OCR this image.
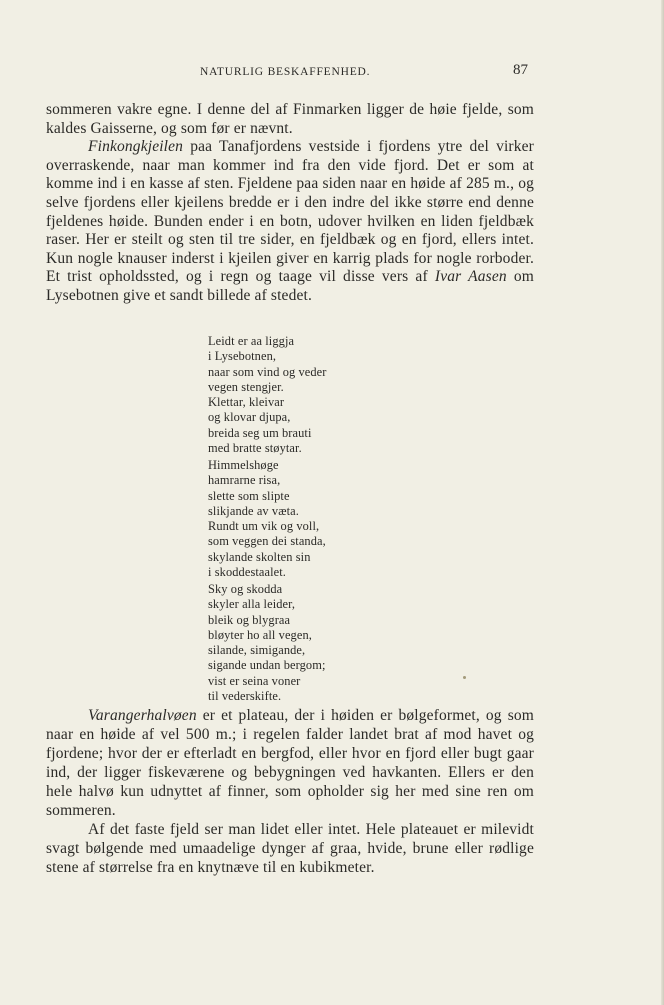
NATURLIG BESKAFFENHED.	87

sommeren vakre egne. I denne del af Finmarken ligger de høie fjelde, som kaldes Gaisserne, og som før er nævnt.

Finkongkjeilen paa Tanafjordens vestside i fjordens ytre del virker overraskende, naar man kommer ind fra den vide fjord. Det er som at komme ind i en kasse af sten. Fjeldene paa siden naar en høide af 285 m., og selve fjordens eller kjeilens bredde er i den indre del ikke større end denne fjeldenes høide. Bunden ender i en botn, udover hvilken en liden fjeldbæk raser. Her er steilt og sten til tre sider, en fjeldbæk og en fjord, ellers intet. Kun nogle knauser inderst i kjeilen giver en karrig plads for nogle rorboder. Et trist opholdssted, og i regn og taage vil disse vers af Ivar Aasen om Lysebotnen give et sandt billede af stedet.

Leidt er aa liggja
i Lysebotnen,
naar som vind og veder
vegen stengjer.
Klettar, kleivar
og klovar djupa,
breida seg um brauti
med bratte støytar.
Himmelshøge
hamrarne risa,
slette som slipte
slikjande av væta.
Rundt um vik og voll,
som veggen dei standa,
skylande skolten sin
i skoddestaalet.
Sky og skodda
skyler alla leider,
bleik og blygraa
bløyter ho all vegen,
silande, simigande,
sigande undan bergom;
vist er seina voner
til vederskifte.

Varangerhalvøen er et plateau, der i høiden er bølgeformet, og som naar en høide af vel 500 m.; i regelen falder landet brat af mod havet og fjordene; hvor der er efterladt en bergfod, eller hvor en fjord eller bugt gaar ind, der ligger fiskeværene og bebygningen ved havkanten. Ellers er den hele halvø kun udnyttet af finner, som opholder sig her med sine ren om sommeren.

Af det faste fjeld ser man lidet eller intet. Hele plateauet er milevidt svagt bølgende med umaadelige dynger af graa, hvide, brune eller rødlige stene af størrelse fra en knytnæve til en kubikmeter.
